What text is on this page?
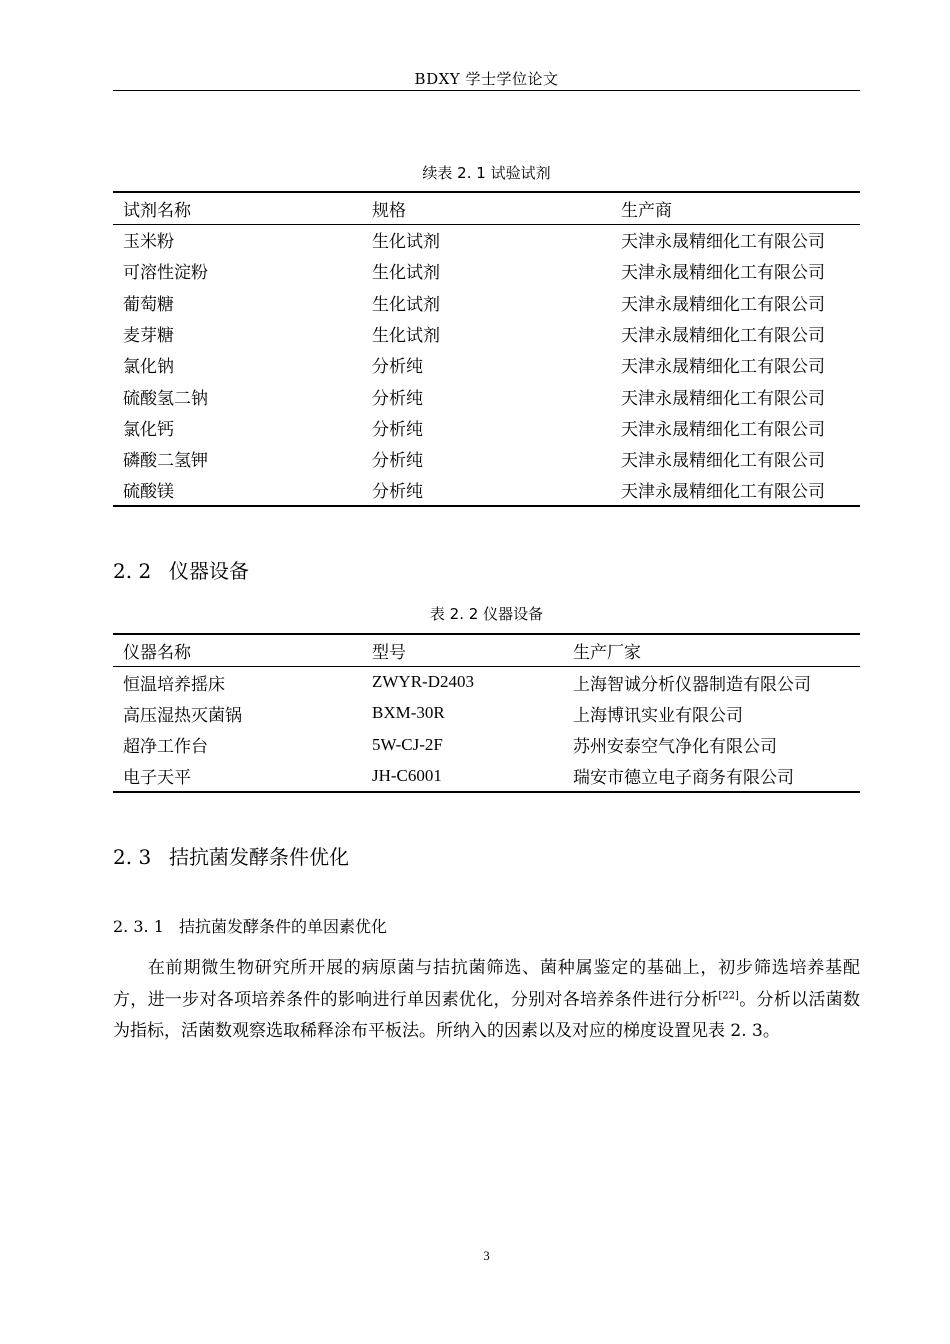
BDXY 学士学位论文
续表 2. 1 试验试剂
试剂名称	规格	生产商
玉米粉	生化试剂	天津永晟精细化工有限公司
可溶性淀粉	生化试剂	天津永晟精细化工有限公司
葡萄糖	生化试剂	天津永晟精细化工有限公司
麦芽糖	生化试剂	天津永晟精细化工有限公司
氯化钠	分析纯	天津永晟精细化工有限公司
硫酸氢二钠	分析纯	天津永晟精细化工有限公司
氯化钙	分析纯	天津永晟精细化工有限公司
磷酸二氢钾	分析纯	天津永晟精细化工有限公司
硫酸镁	分析纯	天津永晟精细化工有限公司
2. 2 仪器设备
表 2. 2 仪器设备
仪器名称	型号	生产厂家
恒温培养摇床	ZWYR-D2403	上海智诚分析仪器制造有限公司
高压湿热灭菌锅	BXM-30R	上海博讯实业有限公司
超净工作台	5W-CJ-2F	苏州安泰空气净化有限公司
电子天平	JH-C6001	瑞安市德立电子商务有限公司
2. 3 拮抗菌发酵条件优化
2. 3. 1 拮抗菌发酵条件的单因素优化
在前期微生物研究所开展的病原菌与拮抗菌筛选、菌种属鉴定的基础上，初步筛选培养基配方，进一步对各项培养条件的影响进行单因素优化，分别对各培养条件进行分析[22]。分析以活菌数为指标，活菌数观察选取稀释涂布平板法。所纳入的因素以及对应的梯度设置见表 2. 3。
3
